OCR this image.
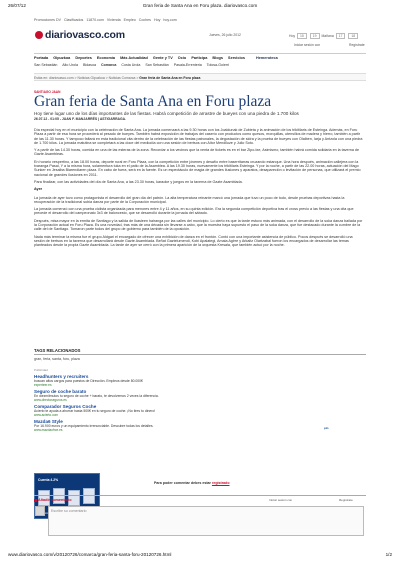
26/07/12	Gran feria de Santa Ana en Foru plaza. diariovasco.com
Promociones DV Clasificados 11870.com Vivienda Empleo Coches Hoy hoy.com
diariovasco.com	Jueves, 26 julio 2012	Hoy 15	19 Mañana 17	18
Iniciar sesión con	Regístrate
Portada Gipuzkoa Deportes Economía Más Actualidad Gente y TV Ocio Participa Blogs Servicios	Hemeroteca
San Sebastián Alto Urola Bidasoa Comarca Costa Urola San Sebastián Pasaia-Errenteria Tolosa-Goierri
Estás en: diariovasco.com > Noticias Gipuzkoa > Noticias Comarca > Gran feria de Santa Ana en Foru plaza
SANTIAGO JAAN
Gran feria de Santa Ana en Foru plaza
Hoy tiene lugar uno de los días importantes de las fiestas. Habrá competición de arrastre de bueyes con una piedra de 1.700 kilos
26.07.12 - 01:05 - JUAN F. MANJARRÉS | ASTIGARRAGA.

Día especial hoy en el municipio con la celebración de Santa Ana. La jornada comenzará a las 9.30 horas con los Joaldunak de Zubieta y la animación de los trikitilaris de Esteinga. Además, en Foru Plaza a partir de esa hora se procederá al pesado de bueyes. También habrá exposición de trabajos del caserío con productos como quesos, morquillas, utensilios de madera y hierro, también a partir de las 11.30 horas. Y tampoco faltará en esta tradicional cita dentro de la celebración de las fiestas patronales, la degustación de sidra y la prueba de bueyes con Olaiben, Iarja y Antzola con una piedra de 1.700 kilos. La jornada matutina se completará a las doce del mediodía con una sesión de bertsos con Aitor Mendiluze y Julio Soto.

Y a partir de las 14.30 horas, comida en una de las esteras de la zona. Recordar a los vecinos que la venta de tickets es en el bar Zipo-txe, Asimismo, también habrá comida solidaria en la taverna de Gazte Asambleas.

En horario vespertino, a las 18.00 horas, deporte rural en Foru Plaza, con la competición entre jóvenes y desafío entre baserritarras cruzando estanque. Una hora después, animación callejera con la txaranga Pasai, Y a la misma hora, solamentura tuka en el patio de la Asamblea. A las 19.30 horas, nuevamente los trikitilaris Esteinga. Y por la noche, a partir de las 22.00 horas, actuación del Mago Sunker en Jesalba Biarendiaren plaza. En cabo de fuera, será en la fuente. Es un espectáculo de magia de grandes ilusiones y aparatos, desapareción o levitación de personas, que utilizará el premio nacional de grandes ilusiones en 2011.

Para finalizar, con las actividades del día de Santa Ana, a las 23.30 horas, karaoke y juegos en la taverna de Gazte Asamblada.

Ayer

La jornada de ayer tuvo como protagonista el desarrollo del gran día del patrón. La alta temperatura reinante marcó una jornada que tuvo un poco de todo, desde pruebas deportivas hasta la recuperación de la tradicional subia danza por parte de la Corporación municipal.

La jornada comenzó con una prueba ciclista organizada para menores entre 4 y 11 años, en su quinta edición. Era la segunda competición deportiva tras el cross previo a las fiestas y una cita que precede el desarrollo del campeonato 3x3 de baloncesto, que se desarrolló durante la jornada del sábado.

Después, misa mayor en la ermita de Santiago y la salida de Ikasleen hairanga por las calles del municipio. Lo cierto es que la tarde estuvo más animada, con el desarrollo de la soka danza bailada por la Corporación actual en Foru Plaza. Es una novedad, tras más de una década sin llevarse a cabo, que la muestra haya supuesto el paso de la soka danza, que fue destacado durante la cumbre de la calle del de Santiago. Tomaron parte todos del grupo de gobierno para también de la oposición.

Nada más terminar la misma fue el grupo Aldgari el encargado de ofrecer una exhibición de danza en el frontón. Contó con una importante asistencia de público. Pocos después se desarrolló una sesión de bertsos en la taverna que desarrollará desde Gazte Asamblada. Beñat Gaztelumendi, Kobi Apalategi, Amaia Agirre y Arkaitz Oiartzabal fueron los encargados de desarrollar las temas planteados desde la propia Gazte Asamblada. La tarde de ayer se cerró con la primera aparición de la orquesta Kresala, que también actuó por la noche.

TAGS RELACIONADOS
gran, feria, santa, foru, plaza
Publicidad
Headhunters y recruiters
buscan altos cargos para puestos de Dirección. Empleos desde 80.000€
experteer.es
Seguro de coche barato
En diezmilmutos tu seguro de coche + barato, te devolvemos 2 veces la diferencia.
www.directoseguros.es
Comparador Seguros Coche
Acierto te ayuda a ahorrar hasta 500€ en tu seguro de coche. ¡No tires tu dinero!
www.acierto.com
Mazda6 Style
Por 16.900 euros y un equipamiento irrenunciable. Descubre todas los detalles.
www.mazdaofrce.es	pin
Cuenta 4.2%
Para poder comentar debes estar registrado
Añadir comentario	Iniciar sesión con	Regístrate
Escribe su comentario
www.diariovasco.com/v/20120726/comarca/gran-feria-santa-foru-20120726.html	1/2
